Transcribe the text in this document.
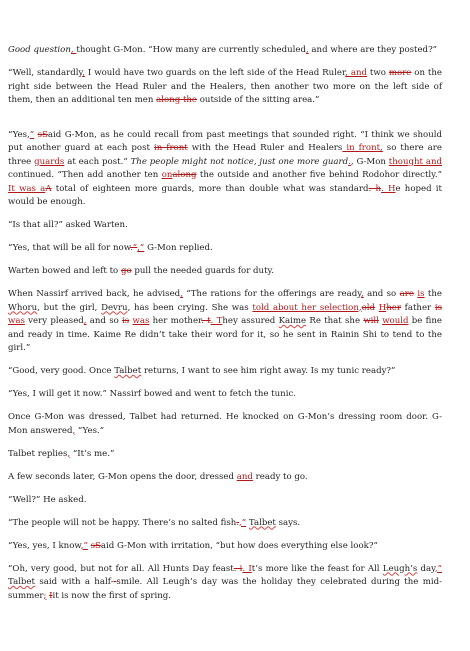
Good question, thought G-Mon. “How many are currently scheduled, and where are they posted?”

“Well, standardly, I would have two guards on the left side of the Head Ruler, and two more on the right side between the Head Ruler and the Healers, then another two more on the left side of them, then an additional ten men along the outside of the sitting area.”

“Yes,” sSaid G-Mon, as he could recall from past meetings that sounded right. “I think we should put another guard at each post in front with the Head Ruler and Healers in front, so there are three guards at each post.” The people might not notice, just one more guard., G-Mon thought and continued. “Then add another ten onalong the outside and another five behind Rodohor directly.” It was aA total of eighteen more guards, more than double what was standard. h. He hoped it would be enough.

“Is that all?” asked Warten.

“Yes, that will be all for now.”,” G-Mon replied.

Warten bowed and left to go pull the needed guards for duty.

When Nassirf arrived back, he advised, “The rations for the offerings are ready, and so are is the Whoru, but the girl, Devru, has been crying. She was told about her selection,old Hher father is was very pleased, and so is was her mother. t. They assured Kaime Re that she will would be fine and ready in time. Kaime Re didn’t take their word for it, so he sent in Rainin Shi to tend to the girl.”

“Good, very good. Once Talbet returns, I want to see him right away. Is my tunic ready?”

“Yes, I will get it now.” Nassirf bowed and went to fetch the tunic.

Once G-Mon was dressed, Talbet had returned. He knocked on G-Mon’s dressing room door. G-Mon answered, “Yes.”

Talbet replies, “It’s me.”

A few seconds later, G-Mon opens the door, dressed and ready to go.

“Well?” He asked.

“The people will not be happy. There’s no salted fish.,” Talbet says.

“Yes, yes, I know,” sSaid G-Mon with irritation, “but how does everything else look?”

“Oh, very good, but not for all. All Hunts Day feast. i. It’s more like the feast for All Leugh’s day,” Talbet said with a half--smile. All Leugh’s day was the holiday they celebrated during the mid-summer; Iit is now the first of spring.
